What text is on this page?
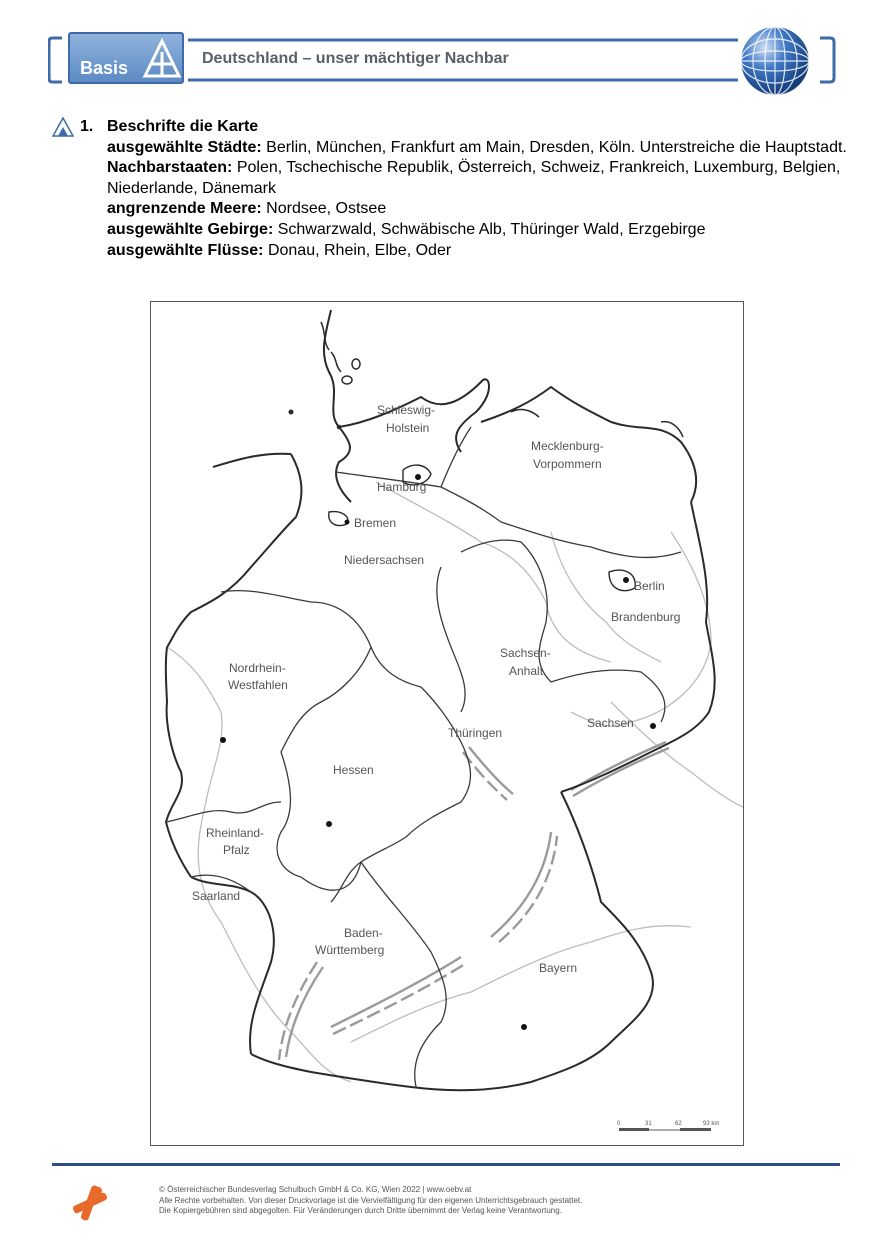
Basis	Deutschland – unser mächtiger Nachbar
1. Beschrifte die Karte
ausgewählte Städte: Berlin, München, Frankfurt am Main, Dresden, Köln. Unterstreiche die Hauptstadt.
Nachbarstaaten: Polen, Tschechische Republik, Österreich, Schweiz, Frankreich, Luxemburg, Belgien, Niederlande, Dänemark
angrenzende Meere: Nordsee, Ostsee
ausgewählte Gebirge: Schwarzwald, Schwäbische Alb, Thüringer Wald, Erzgebirge
ausgewählte Flüsse: Donau, Rhein, Elbe, Oder
0	31	62	93 km
Schleswig-
Holstein
Mecklenburg-
Vorpommern
Hamburg
Bremen
Niedersachsen
Berlin
Brandenburg
Nordrhein-
Westfahlen
Sachsen-
Anhalt
Sachsen
Thüringen
Hessen
Rheinland-
Pfalz
Saarland
Baden-
Württemberg
Bayern
© Österreichischer Bundesverlag Schulbuch GmbH & Co. KG, Wien 2022 | www.oebv.at
Alle Rechte vorbehalten. Von dieser Druckvorlage ist die Vervielfältigung für den eigenen Unterrichtsgebrauch gestattet.
Die Kopiergebühren sind abgegolten. Für Veränderungen durch Dritte übernimmt der Verlag keine Verantwortung.
